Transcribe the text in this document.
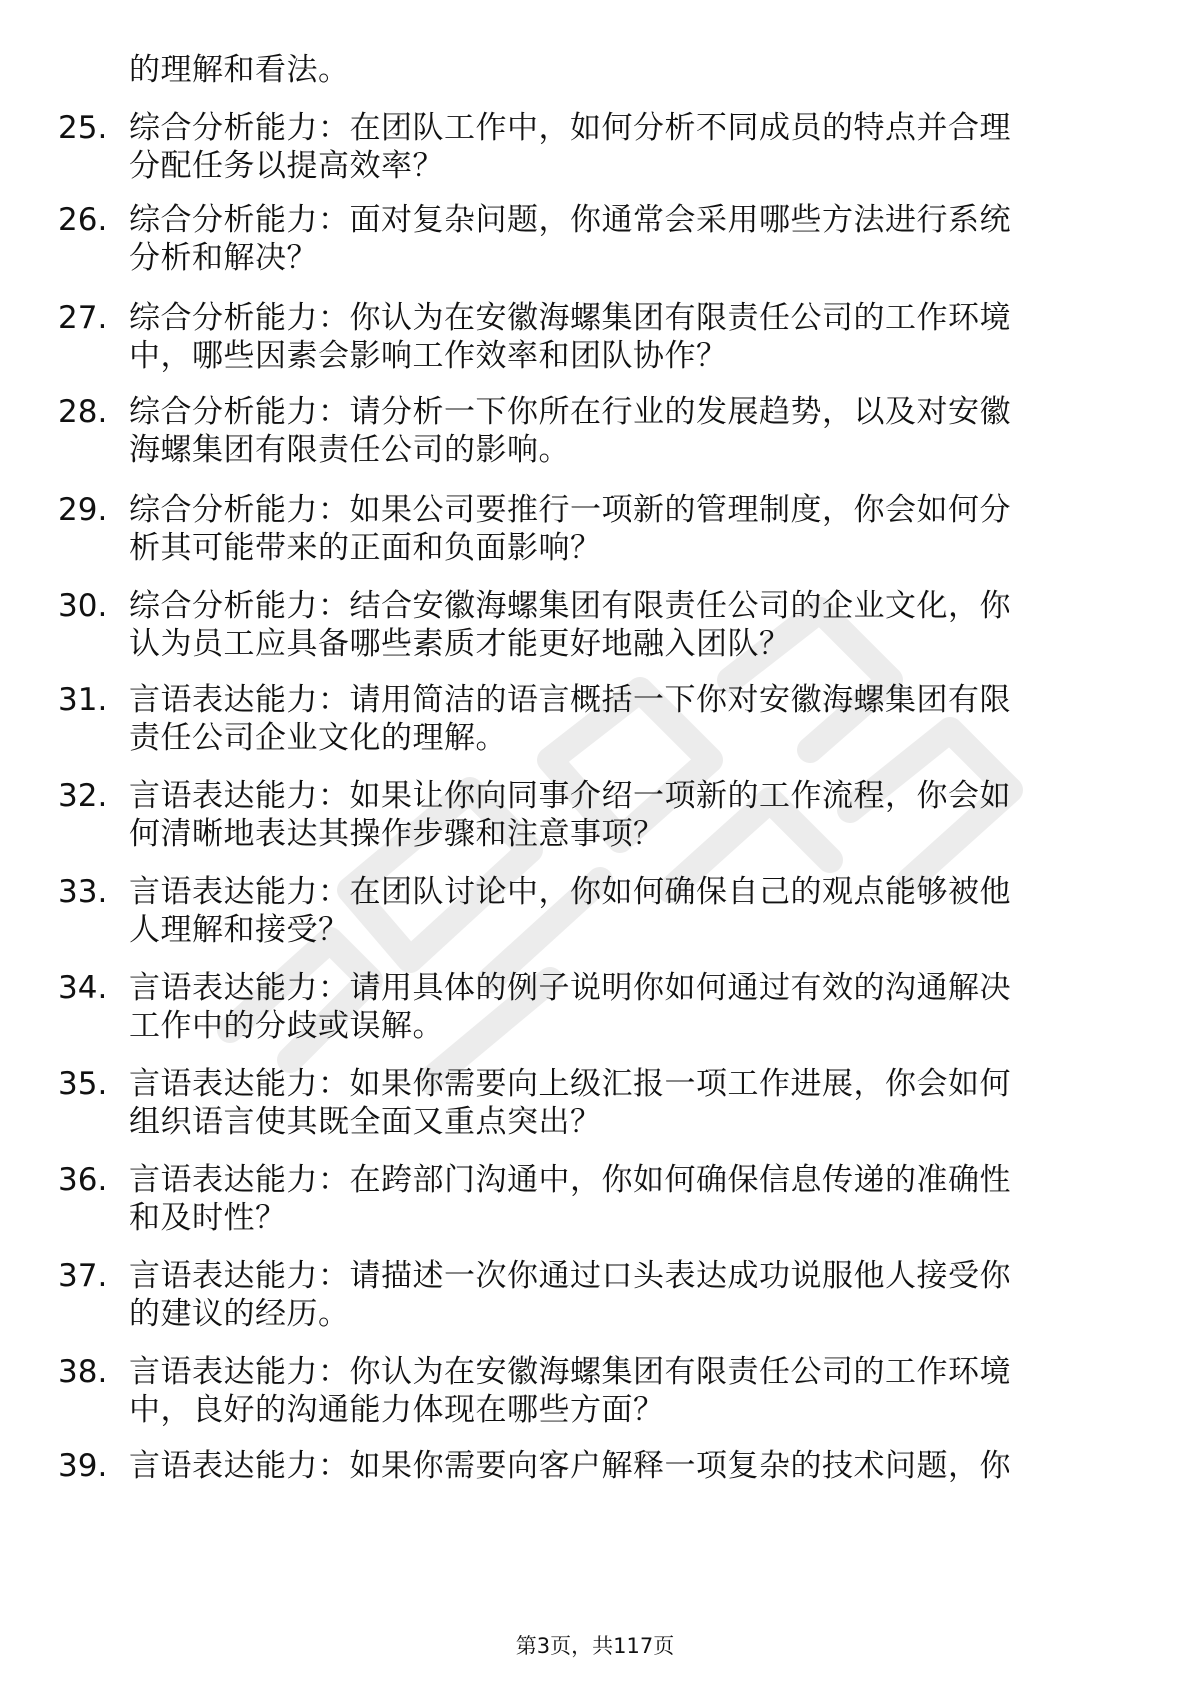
的理解和看法。
25. 综合分析能力：在团队工作中，如何分析不同成员的特点并合理
分配任务以提高效率？
26. 综合分析能力：面对复杂问题，你通常会采用哪些方法进行系统
分析和解决？
27. 综合分析能力：你认为在安徽海螺集团有限责任公司的工作环境
中，哪些因素会影响工作效率和团队协作？
28. 综合分析能力：请分析一下你所在行业的发展趋势，以及对安徽
海螺集团有限责任公司的影响。
29. 综合分析能力：如果公司要推行一项新的管理制度，你会如何分
析其可能带来的正面和负面影响？
30. 综合分析能力：结合安徽海螺集团有限责任公司的企业文化，你
认为员工应具备哪些素质才能更好地融入团队？
31. 言语表达能力：请用简洁的语言概括一下你对安徽海螺集团有限
责任公司企业文化的理解。
32. 言语表达能力：如果让你向同事介绍一项新的工作流程，你会如
何清晰地表达其操作步骤和注意事项？
33. 言语表达能力：在团队讨论中，你如何确保自己的观点能够被他
人理解和接受？
34. 言语表达能力：请用具体的例子说明你如何通过有效的沟通解决
工作中的分歧或误解。
35. 言语表达能力：如果你需要向上级汇报一项工作进展，你会如何
组织语言使其既全面又重点突出？
36. 言语表达能力：在跨部门沟通中，你如何确保信息传递的准确性
和及时性？
37. 言语表达能力：请描述一次你通过口头表达成功说服他人接受你
的建议的经历。
38. 言语表达能力：你认为在安徽海螺集团有限责任公司的工作环境
中，良好的沟通能力体现在哪些方面？
39. 言语表达能力：如果你需要向客户解释一项复杂的技术问题，你
第3页，共117页
